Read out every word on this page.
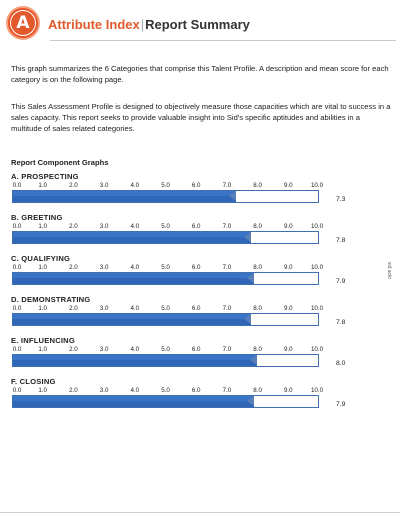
A	Attribute Index|Report Summary
This graph summarizes the 6 Categories that comprise this Talent Profile. A description and mean score for each category is on the following page.
This Sales Assessment Profile is designed to objectively measure those capacities which are vital to success in a sales capacity. This report seeks to provide valuable insight into Sid's specific aptitudes and abilities in a multitude of sales related categories.
Report Component Graphs
A. PROSPECTING
0.0	1.0	2.0	3.0	4.0	5.0	6.0	7.0	8.0	9.0	10.0
7.3
B. GREETING
0.0	1.0	2.0	3.0	4.0	5.0	6.0	7.0	8.0	9.0	10.0
7.8
C. QUALIFYING
0.0	1.0	2.0	3.0	4.0	5.0	6.0	7.0	8.0	9.0	10.0
7.9
D. DEMONSTRATING
0.0	1.0	2.0	3.0	4.0	5.0	6.0	7.0	8.0	9.0	10.0
7.8
E. INFLUENCING
0.0	1.0	2.0	3.0	4.0	5.0	6.0	7.0	8.0	9.0	10.0
8.0
F. CLOSING
0.0	1.0	2.0	3.0	4.0	5.0	6.0	7.0	8.0	9.0	10.0
7.9
sid ackr
